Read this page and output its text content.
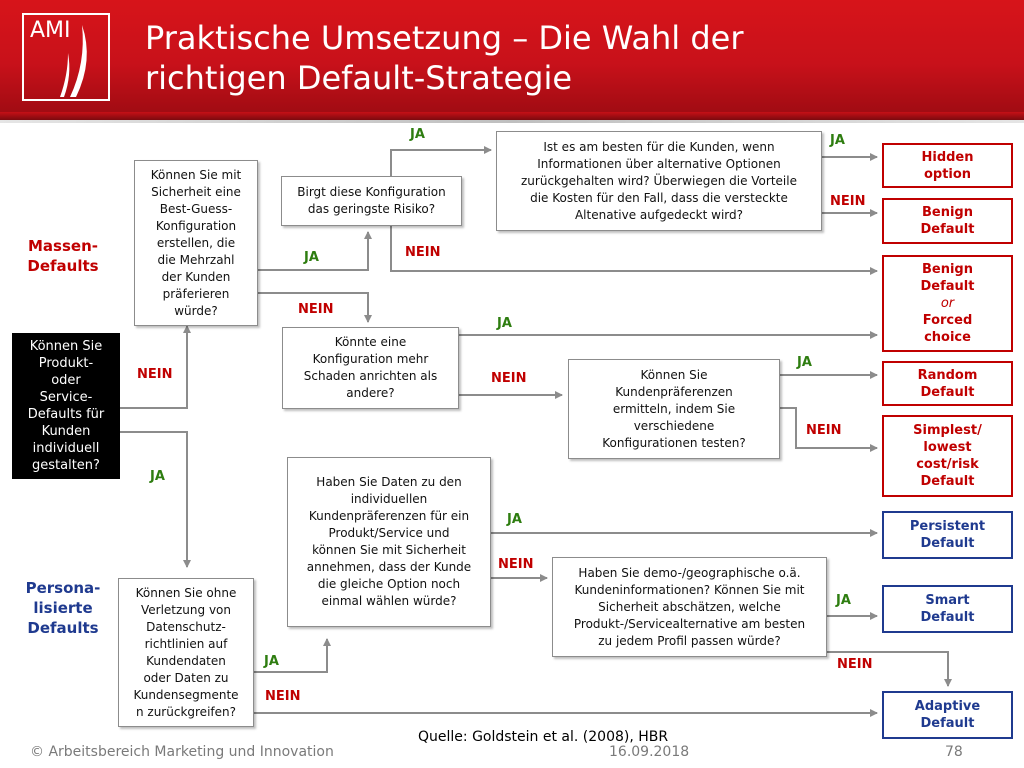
AMI Praktische Umsetzung – Die Wahl der
richtigen Default-Strategie
Massen-
Defaults
Persona-
lisierte
Defaults
Können Sie
Produkt-
oder
Service-
Defaults für
Kunden
individuell
gestalten?
Können Sie mit
Sicherheit eine
Best-Guess-
Konfiguration
erstellen, die
die Mehrzahl
der Kunden
präferieren
würde?
Birgt diese Konfiguration
das geringste Risiko?
Ist es am besten für die Kunden, wenn
Informationen über alternative Optionen
zurückgehalten wird? Überwiegen die Vorteile
die Kosten für den Fall, dass die versteckte
Altenative aufgedeckt wird?
Könnte eine
Konfiguration mehr
Schaden anrichten als
andere?
Können Sie
Kundenpräferenzen
ermitteln, indem Sie
verschiedene
Konfigurationen testen?
Können Sie ohne
Verletzung von
Datenschutz-
richtlinien auf
Kundendaten
oder Daten zu
Kundensegmente
n zurückgreifen?
Haben Sie Daten zu den
individuellen
Kundenpräferenzen für ein
Produkt/Service und
können Sie mit Sicherheit
annehmen, dass der Kunde
die gleiche Option noch
einmal wählen würde?
Haben Sie demo-/geographische o.ä.
Kundeninformationen? Können Sie mit
Sicherheit abschätzen, welche
Produkt-/Servicealternative am besten
zu jedem Profil passen würde?
Hidden
option
Benign
Default
Benign
Default
or
Forced
choice
Random
Default
Simplest/
lowest
cost/risk
Default
Persistent
Default
Smart
Default
Adaptive
Default
JA	JA
NEIN
NEIN
JA
NEIN
JA
JA
NEIN	NEIN
NEIN
JA
JA
NEIN
JA
JA	NEIN
NEIN
Quelle: Goldstein et al. (2008), HBR
© Arbeitsbereich Marketing und Innovation	16.09.2018	78
